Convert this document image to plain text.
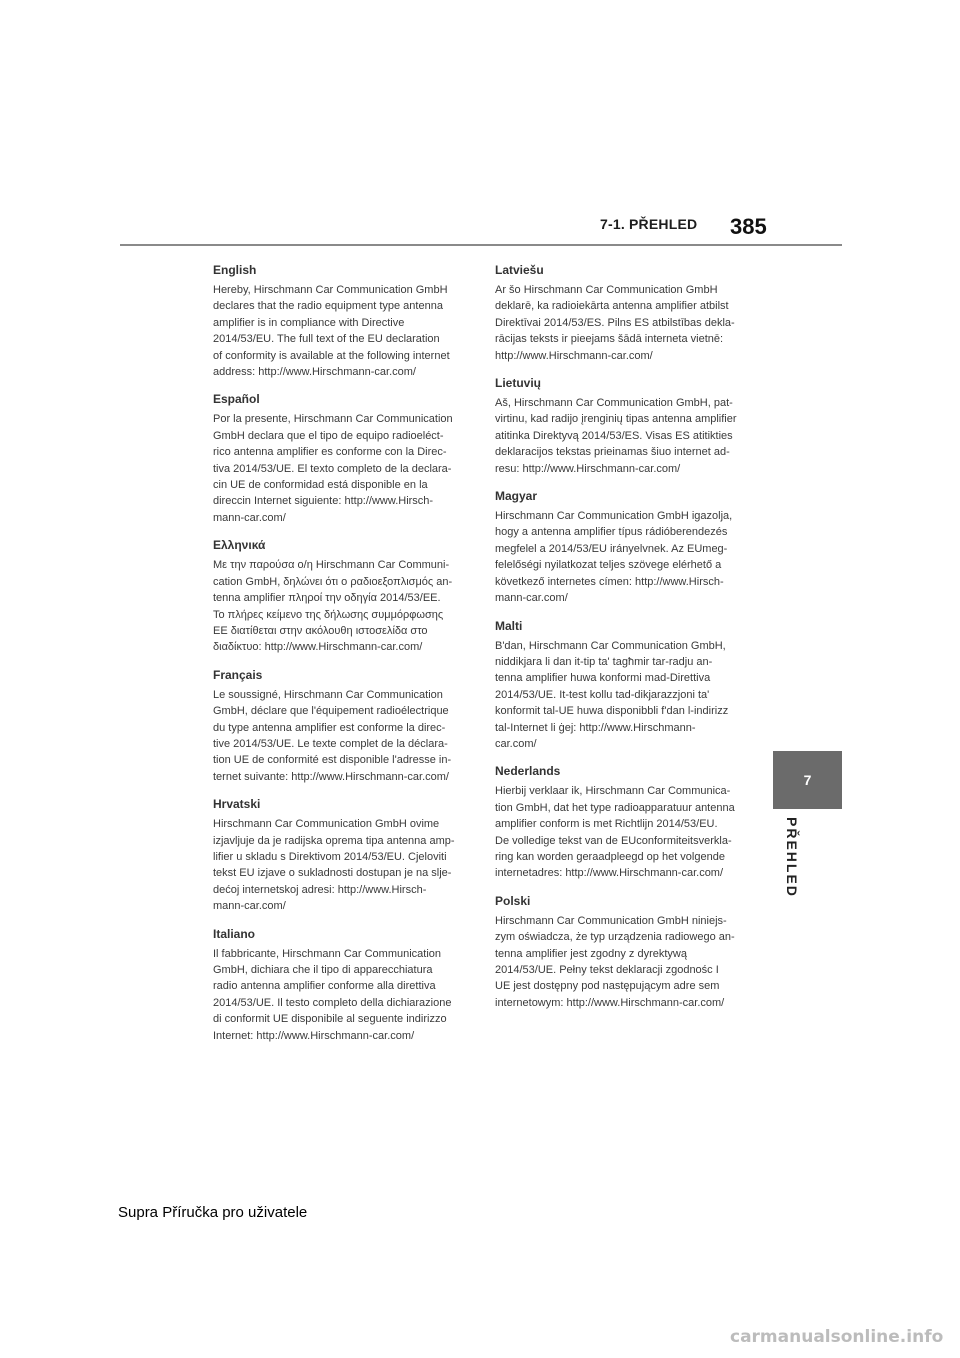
7-1. PŘEHLED 385
7
PŘEHLED
English

Hereby, Hirschmann Car Communication GmbH
declares that the radio equipment type antenna
amplifier is in compliance with Directive
2014/53/EU. The full text of the EU declaration
of conformity is available at the following internet
address: http://www.Hirschmann-car.com/

Español

Por la presente, Hirschmann Car Communication
GmbH declara que el tipo de equipo radioeléct-
rico antenna amplifier es conforme con la Direc-
tiva 2014/53/UE. El texto completo de la declara-
cin UE de conformidad está disponible en la
direccin Internet siguiente: http://www.Hirsch-
mann-car.com/

Ελληνικά

Με την παρούσα ο/η Hirschmann Car Communi-
cation GmbH, δηλώνει ότι ο ραδιοεξοπλισμός an-
tenna amplifier πληροί την οδηγία 2014/53/ΕΕ.
Το πλήρες κείμενο της δήλωσης συμμόρφωσης
ΕΕ διατίθεται στην ακόλουθη ιστοσελίδα στο
διαδίκτυο: http://www.Hirschmann-car.com/

Français

Le soussigné, Hirschmann Car Communication
GmbH, déclare que l'équipement radioélectrique
du type antenna amplifier est conforme la direc-
tive 2014/53/UE. Le texte complet de la déclara-
tion UE de conformité est disponible l'adresse in-
ternet suivante: http://www.Hirschmann-car.com/

Hrvatski

Hirschmann Car Communication GmbH ovime
izjavljuje da je radijska oprema tipa antenna amp-
lifier u skladu s Direktivom 2014/53/EU. Cjeloviti
tekst EU izjave o sukladnosti dostupan je na slje-
dećoj internetskoj adresi: http://www.Hirsch-
mann-car.com/

Italiano

Il fabbricante, Hirschmann Car Communication
GmbH, dichiara che il tipo di apparecchiatura
radio antenna amplifier conforme alla direttiva
2014/53/UE. Il testo completo della dichiarazione
di conformit UE disponibile al seguente indirizzo
Internet: http://www.Hirschmann-car.com/

Latviešu

Ar šo Hirschmann Car Communication GmbH
deklarē, ka radioiekārta antenna amplifier atbilst
Direktīvai 2014/53/ES. Pilns ES atbilstības dekla-
rācijas teksts ir pieejams šādā interneta vietnē:
http://www.Hirschmann-car.com/

Lietuvių

Aš, Hirschmann Car Communication GmbH, pat-
virtinu, kad radijo įrenginių tipas antenna amplifier
atitinka Direktyvą 2014/53/ES. Visas ES atitikties
deklaracijos tekstas prieinamas šiuo internet ad-
resu: http://www.Hirschmann-car.com/

Magyar

Hirschmann Car Communication GmbH igazolja,
hogy a antenna amplifier típus rádióberendezés
megfelel a 2014/53/EU irányelvnek. Az EUmeg-
felelőségi nyilatkozat teljes szövege elérhető a
következő internetes címen: http://www.Hirsch-
mann-car.com/

Malti

B'dan, Hirschmann Car Communication GmbH,
niddikjara li dan it-tip ta' tagħmir tar-radju an-
tenna amplifier huwa konformi mad-Direttiva
2014/53/UE. It-test kollu tad-dikjarazzjoni ta'
konformit tal-UE huwa disponibbli f'dan l-indirizz
tal-Internet li ġej: http://www.Hirschmann-
car.com/

Nederlands

Hierbij verklaar ik, Hirschmann Car Communica-
tion GmbH, dat het type radioapparatuur antenna
amplifier conform is met Richtlijn 2014/53/EU.
De volledige tekst van de EUconformiteitsverkla-
ring kan worden geraadpleegd op het volgende
internetadres: http://www.Hirschmann-car.com/

Polski

Hirschmann Car Communication GmbH niniejs-
zym oświadcza, że typ urządzenia radiowego an-
tenna amplifier jest zgodny z dyrektywą
2014/53/UE. Pełny tekst deklaracji zgodnośc I
UE jest dostępny pod następującym adre sem
internetowym: http://www.Hirschmann-car.com/

Supra Příručka pro uživatele
carmanualsonline.info
